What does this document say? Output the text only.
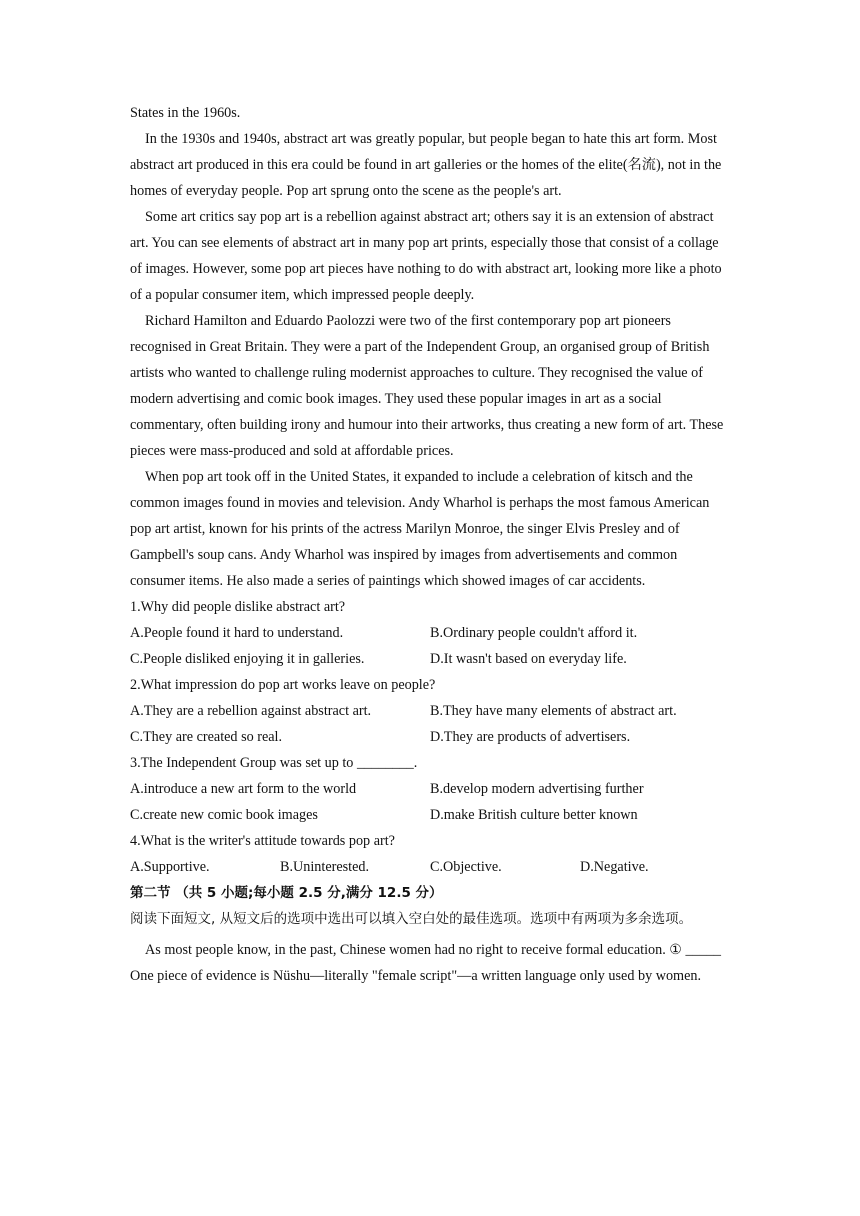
States in the 1960s.

In the 1930s and 1940s, abstract art was greatly popular, but people began to hate this art form. Most abstract art produced in this era could be found in art galleries or the homes of the elite(名流), not in the homes of everyday people. Pop art sprung onto the scene as the people's art.

Some art critics say pop art is a rebellion against abstract art; others say it is an extension of abstract art. You can see elements of abstract art in many pop art prints, especially those that consist of a collage of images. However, some pop art pieces have nothing to do with abstract art, looking more like a photo of a popular consumer item, which impressed people deeply.

Richard Hamilton and Eduardo Paolozzi were two of the first contemporary pop art pioneers recognised in Great Britain. They were a part of the Independent Group, an organised group of British artists who wanted to challenge ruling modernist approaches to culture. They recognised the value of modern advertising and comic book images. They used these popular images in art as a social commentary, often building irony and humour into their artworks, thus creating a new form of art. These pieces were mass-produced and sold at affordable prices.

When pop art took off in the United States, it expanded to include a celebration of kitsch and the common images found in movies and television. Andy Wharhol is perhaps the most famous American pop art artist, known for his prints of the actress Marilyn Monroe, the singer Elvis Presley and of Gampbell's soup cans. Andy Wharhol was inspired by images from advertisements and common consumer items. He also made a series of paintings which showed images of car accidents.

1.Why did people dislike abstract art?

A.People found it hard to understand.	B.Ordinary people couldn't afford it.
C.People disliked enjoying it in galleries.	D.It wasn't based on everyday life.

2.What impression do pop art works leave on people?

A.They are a rebellion against abstract art.	B.They have many elements of abstract art.
C.They are created so real.	D.They are products of advertisers.

3.The Independent Group was set up to ________.

A.introduce a new art form to the world	B.develop modern advertising further
C.create new comic book images	D.make British culture better known

4.What is the writer's attitude towards pop art?

A.Supportive.	B.Uninterested.	C.Objective.	D.Negative.

第二节 （共 5 小题;每小题 2.5 分,满分 12.5 分）

阅读下面短文, 从短文后的选项中选出可以填入空白处的最佳选项。选项中有两项为多余选项。

As most people know, in the past, Chinese women had no right to receive formal education. ① _____ One piece of evidence is Nüshu—literally "female script"—a written language only used by women.
